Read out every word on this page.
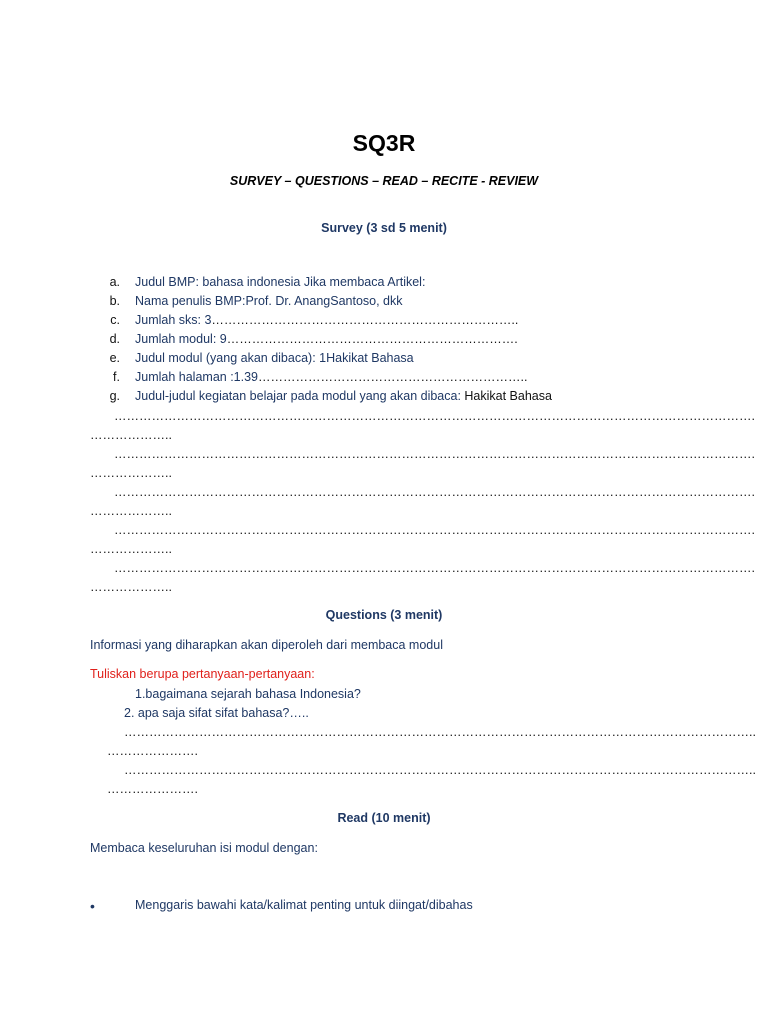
SQ3R
SURVEY – QUESTIONS – READ – RECITE - REVIEW
Survey (3 sd 5 menit)
a. Judul BMP: bahasa indonesia Jika membaca Artikel:
b. Nama penulis BMP:Prof. Dr. AnangSantoso, dkk
c. Jumlah sks: 3………………………………………………………………..
d. Jumlah modul: 9…………………………………………………………….
e. Judul modul (yang akan dibaca): 1Hakikat Bahasa
f. Jumlah halaman :1.39………………………………………………………..
g. Judul-judul kegiatan belajar pada modul yang akan dibaca: Hakikat Bahasa
……………………………………………………………………………………………………………………………………….
………………..
……………………………………………………………………………………………………………………………………….
………………..
……………………………………………………………………………………………………………………………………….
………………..
……………………………………………………………………………………………………………………………………….
………………..
……………………………………………………………………………………………………………………………………….
………………..
Questions (3 menit)
Informasi yang diharapkan akan diperoleh dari membaca modul
Tuliskan berupa pertanyaan-pertanyaan:
1.bagaimana sejarah bahasa Indonesia?
2. apa saja sifat sifat bahasa?…..
……………………………………………………………………………………………………………………………………..
………………….
……………………………………………………………………………………………………………………………………..
………………….
Read (10 menit)
Membaca keseluruhan isi modul dengan:
•	Menggaris bawahi kata/kalimat penting untuk diingat/dibahas
